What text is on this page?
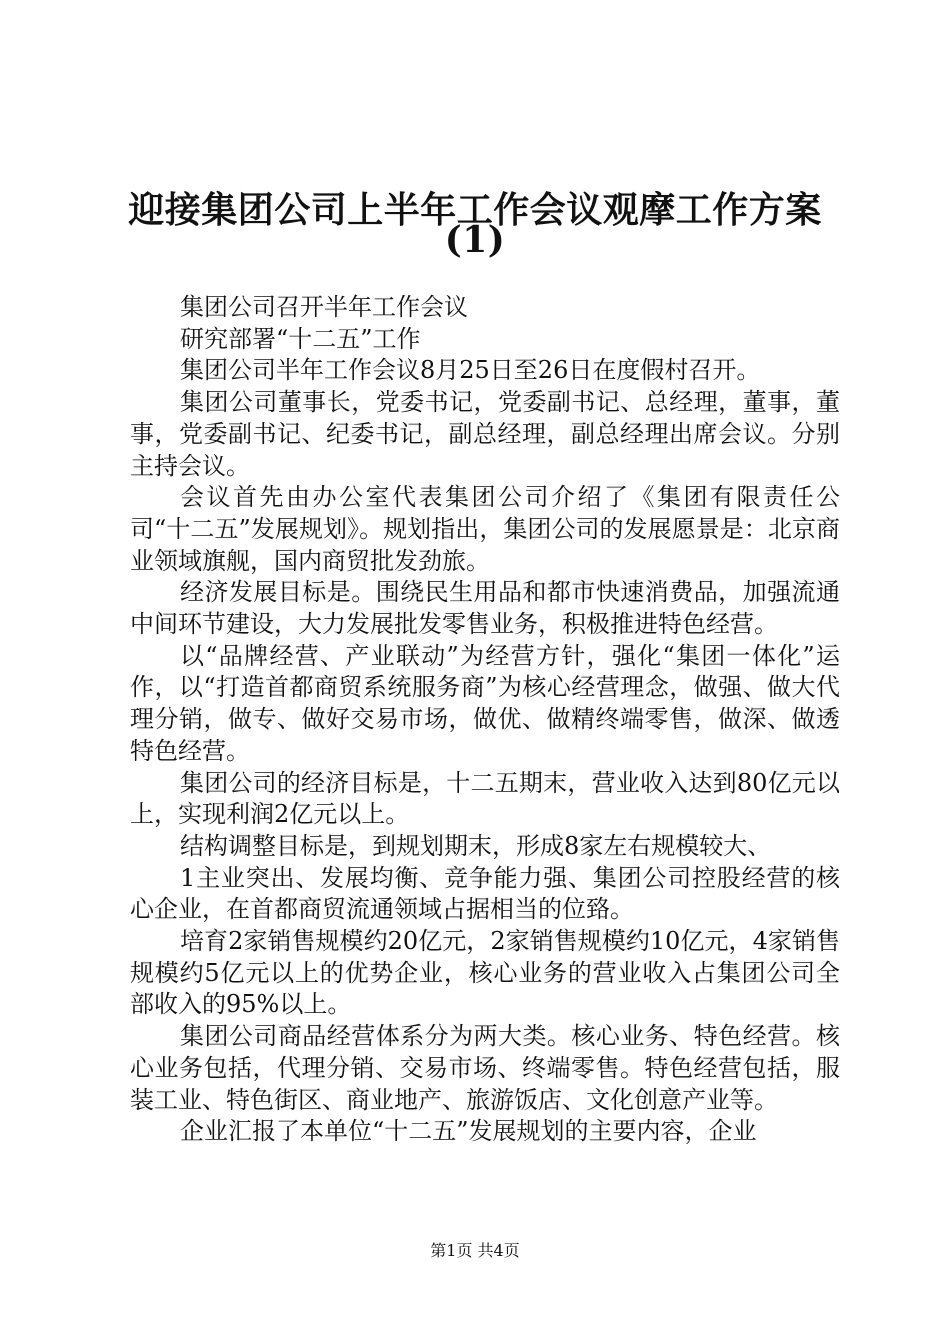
迎接集团公司上半年工作会议观摩工作方案
(1)

集团公司召开半年工作会议

研究部署“十二五”工作

集团公司半年工作会议8月25日至26日在度假村召开。

集团公司董事长，党委书记，党委副书记、总经理，董事，董事，党委副书记、纪委书记，副总经理，副总经理出席会议。分别主持会议。

会议首先由办公室代表集团公司介绍了《集团有限责任公司“十二五”发展规划》。规划指出，集团公司的发展愿景是：北京商业领域旗舰，国内商贸批发劲旅。

经济发展目标是。围绕民生用品和都市快速消费品，加强流通中间环节建设，大力发展批发零售业务，积极推进特色经营。

以“品牌经营、产业联动”为经营方针，强化“集团一体化”运作，以“打造首都商贸系统服务商”为核心经营理念，做强、做大代理分销，做专、做好交易市场，做优、做精终端零售，做深、做透特色经营。

集团公司的经济目标是，十二五期末，营业收入达到80亿元以上，实现利润2亿元以上。

结构调整目标是，到规划期末，形成8家左右规模较大、

1主业突出、发展均衡、竞争能力强、集团公司控股经营的核心企业，在首都商贸流通领域占据相当的位臵。

培育2家销售规模约20亿元，2家销售规模约10亿元，4家销售规模约5亿元以上的优势企业，核心业务的营业收入占集团公司全部收入的95%以上。

集团公司商品经营体系分为两大类。核心业务、特色经营。核心业务包括，代理分销、交易市场、终端零售。特色经营包括，服装工业、特色街区、商业地产、旅游饭店、文化创意产业等。

企业汇报了本单位“十二五”发展规划的主要内容，企业

第1页 共4页
